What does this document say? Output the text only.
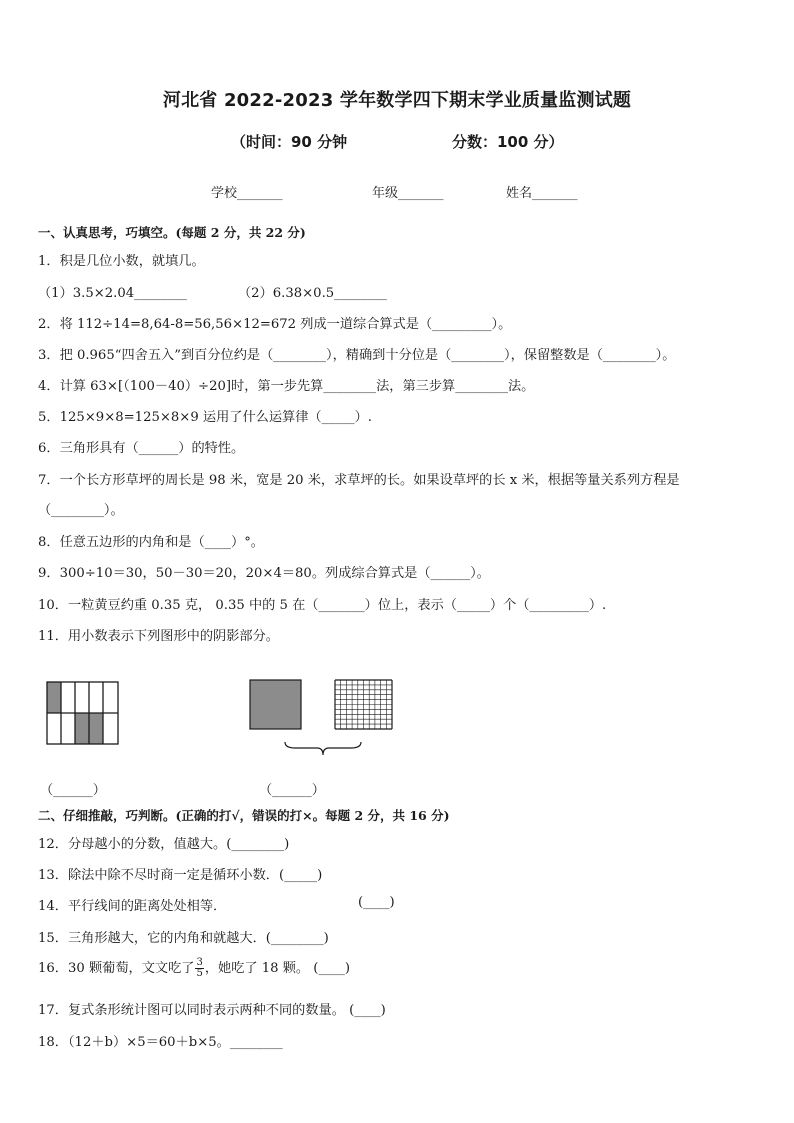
河北省 2022-2023 学年数学四下期末学业质量监测试题
（时间：90 分钟	分数：100 分）
学校_______	年级_______	姓名_______
一、认真思考，巧填空。(每题 2 分，共 22 分)
1．积是几位小数，就填几。
（1）3.5×2.04________	（2）6.38×0.5________
2．将 112÷14=8,64-8=56,56×12=672 列成一道综合算式是（_________）。
3．把 0.965“四舍五入”到百分位约是（________），精确到十分位是（________），保留整数是（________）。
4．计算 63×[（100－40）÷20]时，第一步先算________法，第三步算________法。
5．125×9×8=125×8×9 运用了什么运算律（_____）.
6．三角形具有（______）的特性。
7．一个长方形草坪的周长是 98 米，宽是 20 米，求草坪的长。如果设草坪的长 x 米，根据等量关系列方程是
（________）。
8．任意五边形的内角和是（____）°。
9．300÷10＝30，50－30＝20，20×4＝80。列成综合算式是（______）。
10．一粒黄豆约重 0.35 克， 0.35 中的 5 在（_______）位上，表示（_____）个（_________）.
11．用小数表示下列图形中的阴影部分。
（______）	（______）
二、仔细推敲，巧判断。(正确的打√，错误的打×。每题 2 分，共 16 分)
12．分母越小的分数，值越大。(________)
13．除法中除不尽时商一定是循环小数．(_____)
14．平行线间的距离处处相等．	(____)
15．三角形越大，它的内角和就越大．(________)
16．30 颗葡萄，文文吃了 $\frac{3}{5}$ ，她吃了 18 颗。 (____)
17．复式条形统计图可以同时表示两种不同的数量。 (____)
18．（12＋b）×5＝60＋b×5。________
